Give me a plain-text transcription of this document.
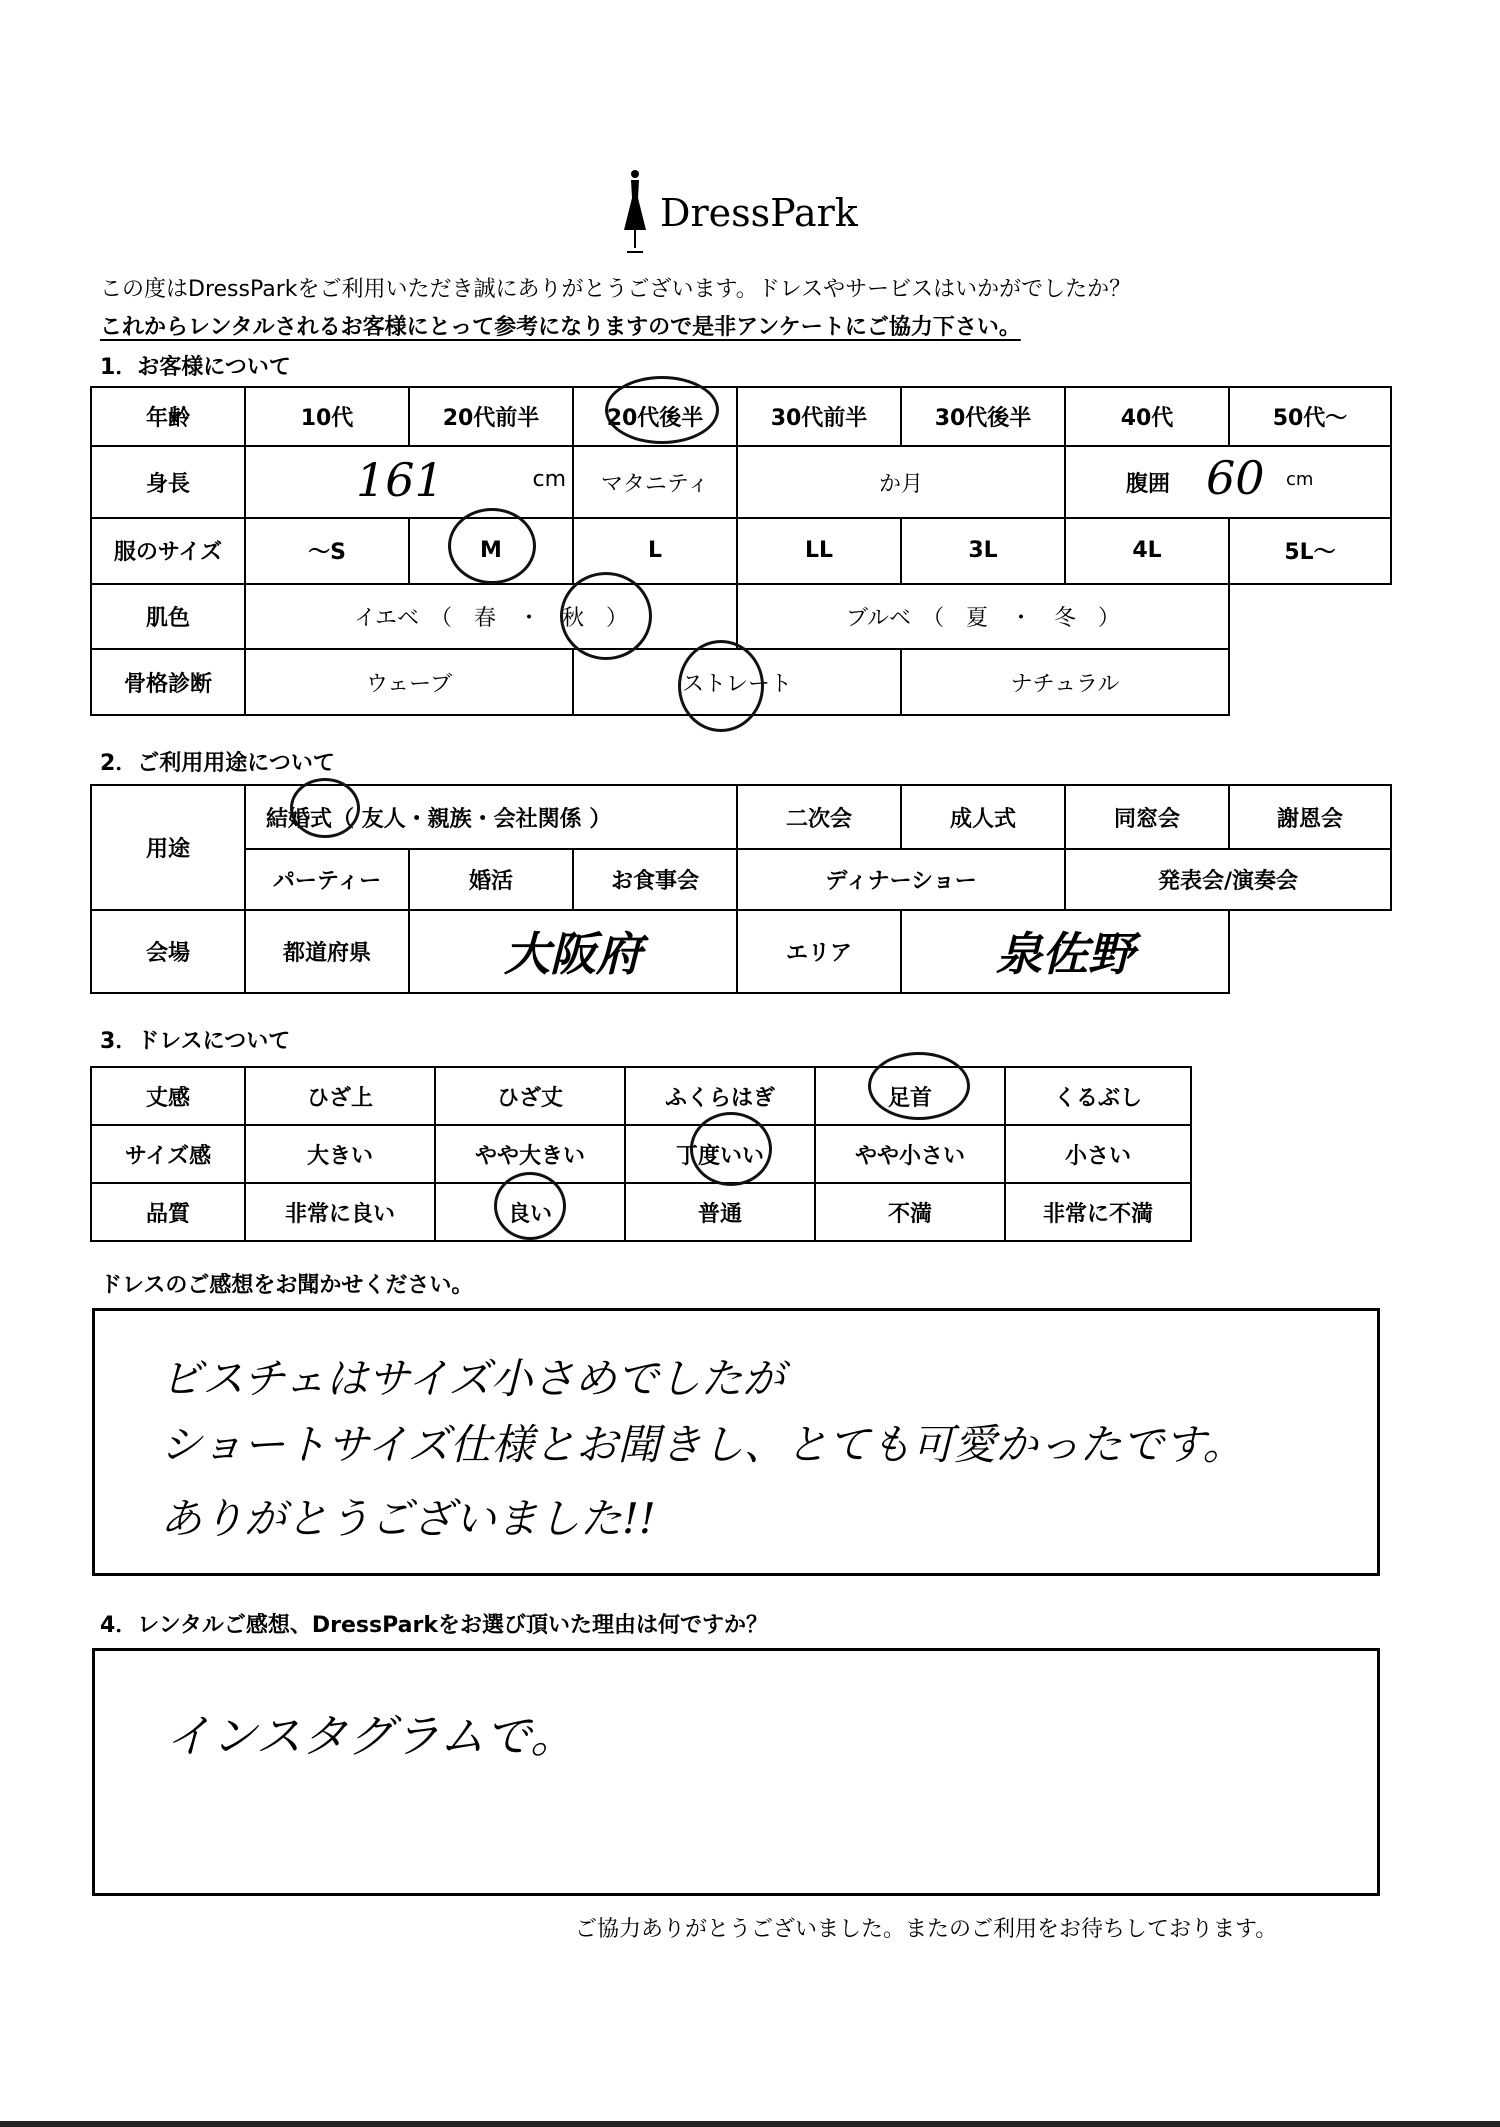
DressPark
この度はDressParkをご利用いただき誠にありがとうございます。ドレスやサービスはいかがでしたか？
これからレンタルされるお客様にとって参考になりますので是非アンケートにご協力下さい。
1．お客様について
年齢	10代	20代前半	20代後半	30代前半	30代後半	40代	50代～
身長	161 cm		マタニティ	か月		腹囲 60 cm	

服のサイズ	～S	M	L	LL	3L	4L	5L～
肌色	イエベ　（　春　・　秋　）			ブルベ　（　夏　・　冬　）			
骨格診断	ウェーブ		ストレート		ナチュラル		
2．ご利用用途について
用途	結婚式（ 友人・親族・会社関係 ）			二次会	成人式	同窓会	謝恩会
	パーティー	婚活	お食事会	ディナーショー		発表会/演奏会	
会場	都道府県	大阪府		エリア	泉佐野		
3．ドレスについて
丈感	ひざ上	ひざ丈	ふくらはぎ	足首	くるぶし
サイズ感	大きい	やや大きい	丁度いい	やや小さい	小さい
品質	非常に良い	良い	普通	不満	非常に不満
ドレスのご感想をお聞かせください。
ビスチェはサイズ小さめでしたが
ショートサイズ仕様とお聞きし、とても可愛かったです。
ありがとうございました!!
4．レンタルご感想、DressParkをお選び頂いた理由は何ですか？
インスタグラムで。
ご協力ありがとうございました。またのご利用をお待ちしております。
